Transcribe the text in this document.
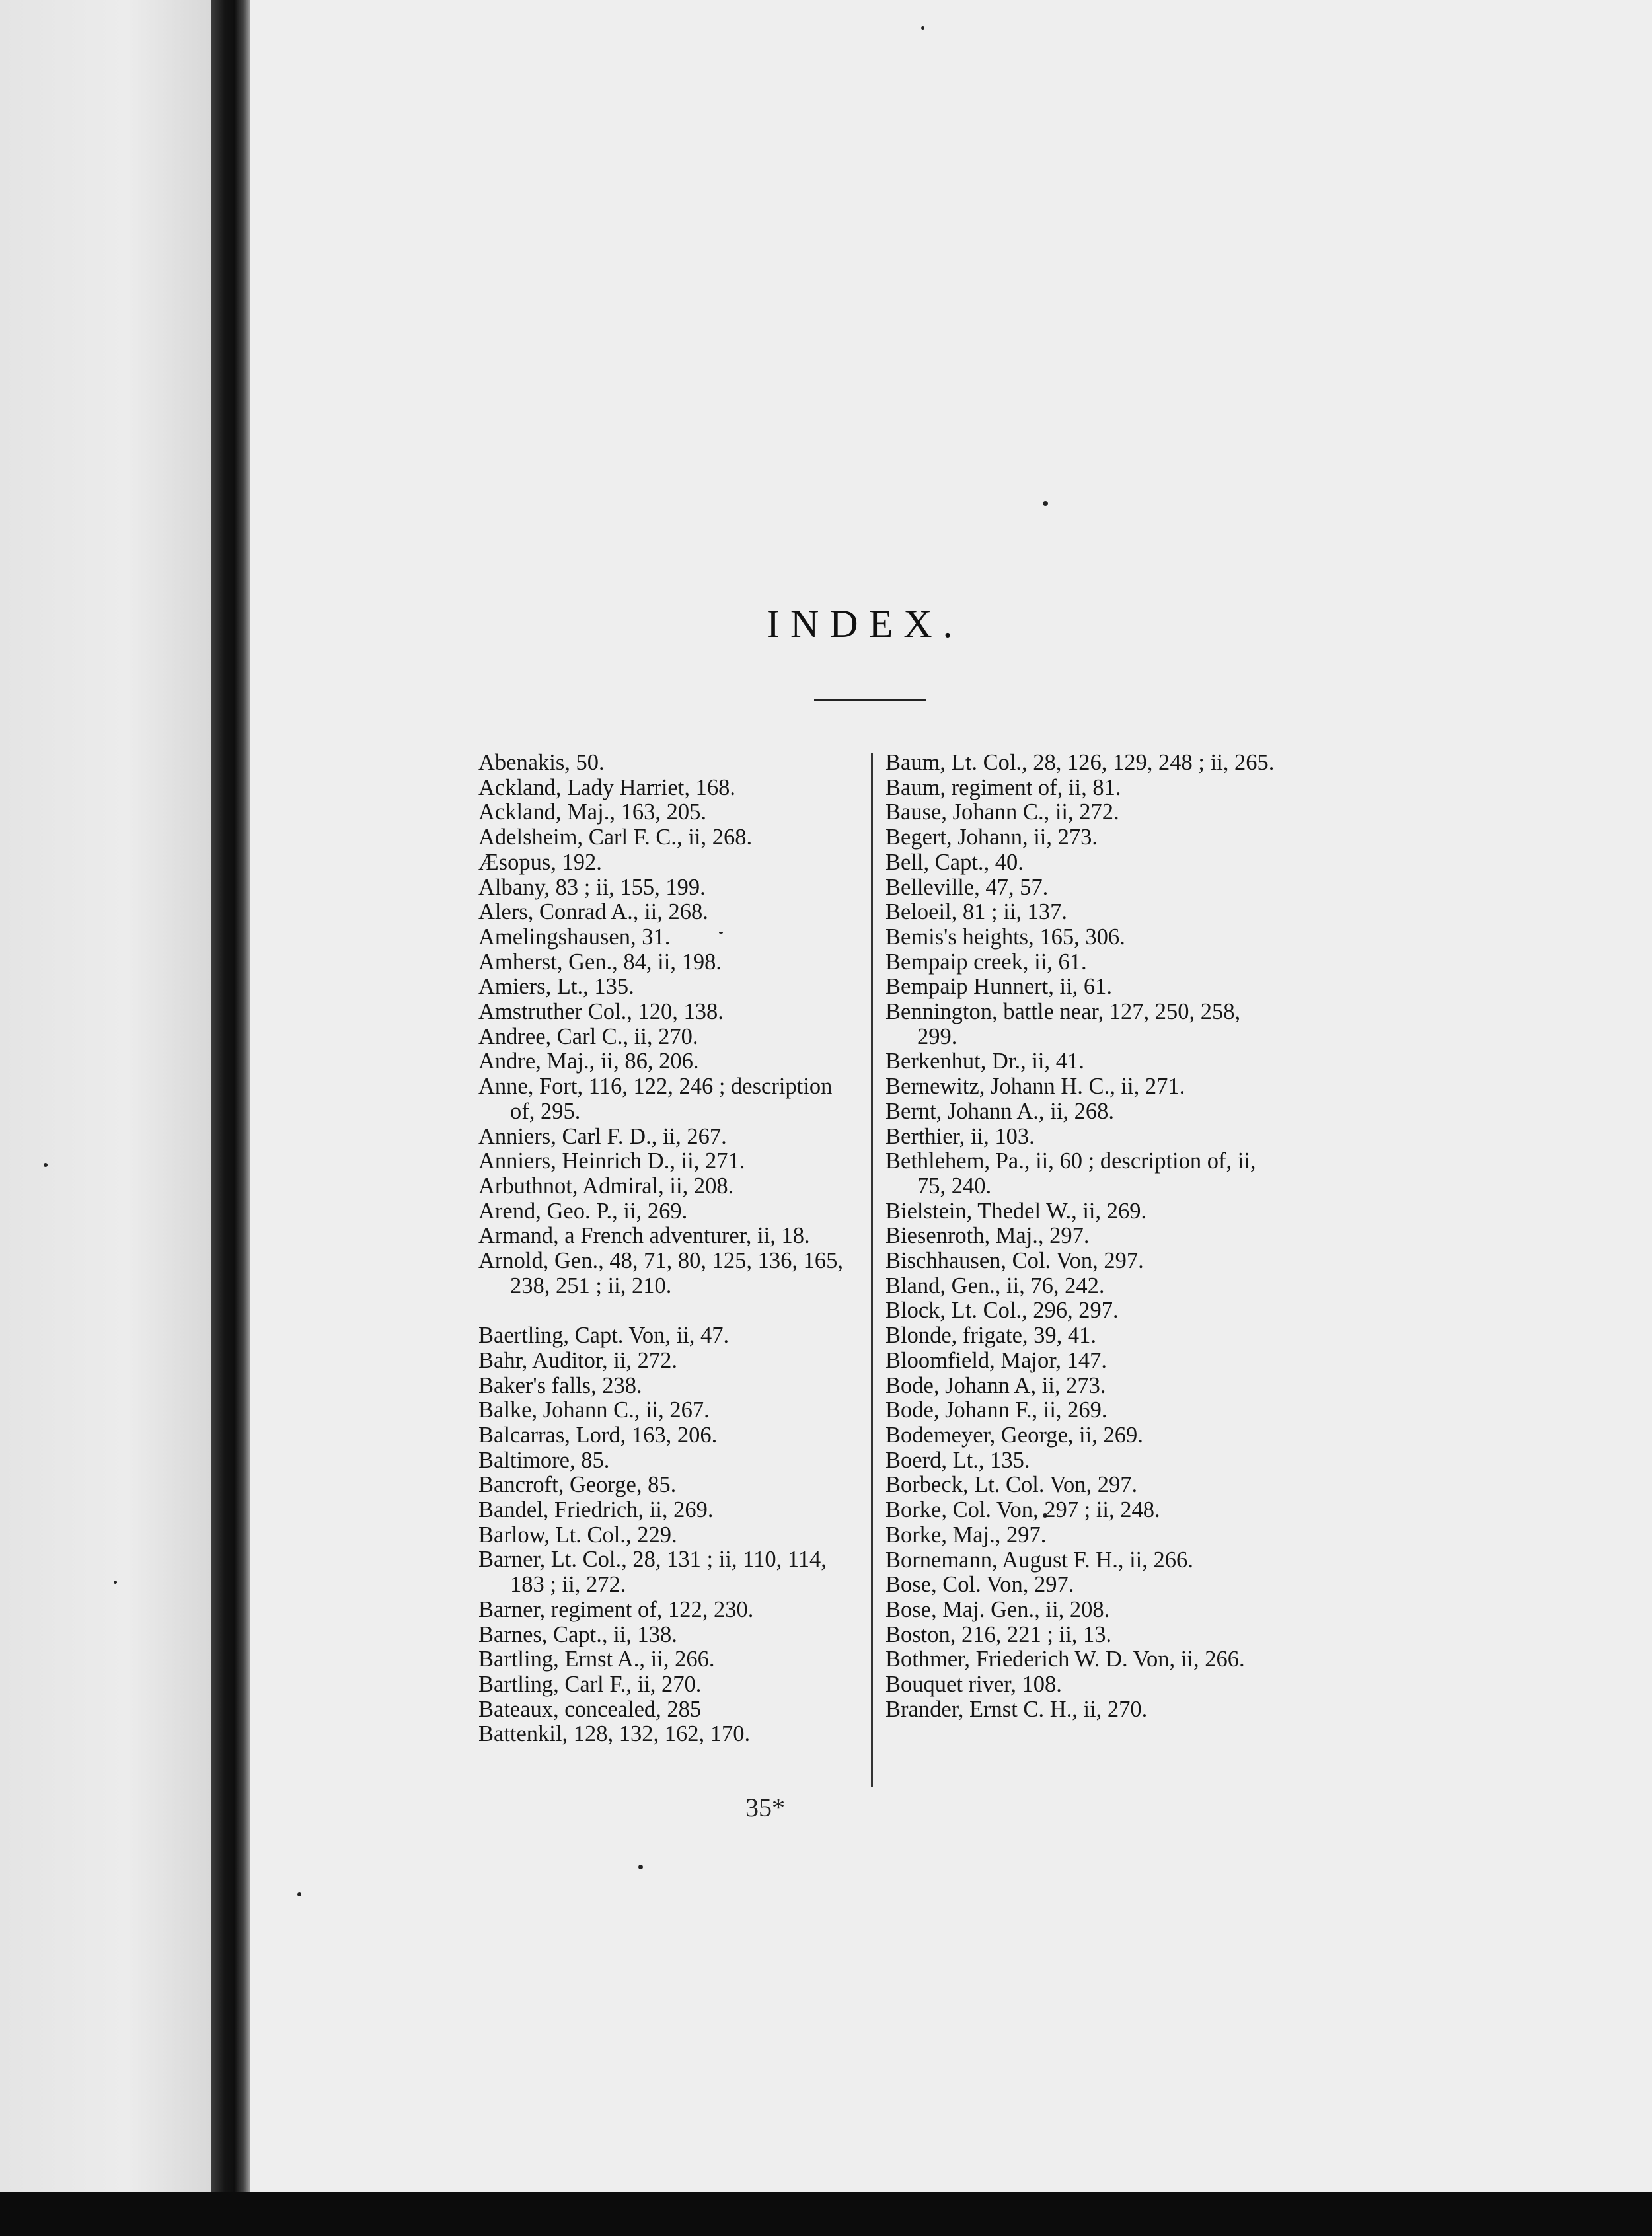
INDEX.
Abenakis, 50.
Ackland, Lady Harriet, 168.
Ackland, Maj., 163, 205.
Adelsheim, Carl F. C., ii, 268.
Æsopus, 192.
Albany, 83 ; ii, 155, 199.
Alers, Conrad A., ii, 268.
Amelingshausen, 31.
Amherst, Gen., 84, ii, 198.
Amiers, Lt., 135.
Amstruther Col., 120, 138.
Andree, Carl C., ii, 270.
Andre, Maj., ii, 86, 206.
Anne, Fort, 116, 122, 246 ; description of, 295.
Anniers, Carl F. D., ii, 267.
Anniers, Heinrich D., ii, 271.
Arbuthnot, Admiral, ii, 208.
Arend, Geo. P., ii, 269.
Armand, a French adventurer, ii, 18.
Arnold, Gen., 48, 71, 80, 125, 136, 165, 238, 251 ; ii, 210.
Baertling, Capt. Von, ii, 47.
Bahr, Auditor, ii, 272.
Baker's falls, 238.
Balke, Johann C., ii, 267.
Balcarras, Lord, 163, 206.
Baltimore, 85.
Bancroft, George, 85.
Bandel, Friedrich, ii, 269.
Barlow, Lt. Col., 229.
Barner, Lt. Col., 28, 131 ; ii, 110, 114, 183 ; ii, 272.
Barner, regiment of, 122, 230.
Barnes, Capt., ii, 138.
Bartling, Ernst A., ii, 266.
Bartling, Carl F., ii, 270.
Bateaux, concealed, 285
Battenkil, 128, 132, 162, 170.
Baum, Lt. Col., 28, 126, 129, 248 ; ii, 265.
Baum, regiment of, ii, 81.
Bause, Johann C., ii, 272.
Begert, Johann, ii, 273.
Bell, Capt., 40.
Belleville, 47, 57.
Beloeil, 81 ; ii, 137.
Bemis's heights, 165, 306.
Bempaip creek, ii, 61.
Bempaip Hunnert, ii, 61.
Bennington, battle near, 127, 250, 258, 299.
Berkenhut, Dr., ii, 41.
Bernewitz, Johann H. C., ii, 271.
Bernt, Johann A., ii, 268.
Berthier, ii, 103.
Bethlehem, Pa., ii, 60 ; description of, ii, 75, 240.
Bielstein, Thedel W., ii, 269.
Biesenroth, Maj., 297.
Bischhausen, Col. Von, 297.
Bland, Gen., ii, 76, 242.
Block, Lt. Col., 296, 297.
Blonde, frigate, 39, 41.
Bloomfield, Major, 147.
Bode, Johann A, ii, 273.
Bode, Johann F., ii, 269.
Bodemeyer, George, ii, 269.
Boerd, Lt., 135.
Borbeck, Lt. Col. Von, 297.
Borke, Col. Von, 297 ; ii, 248.
Borke, Maj., 297.
Bornemann, August F. H., ii, 266.
Bose, Col. Von, 297.
Bose, Maj. Gen., ii, 208.
Boston, 216, 221 ; ii, 13.
Bothmer, Friederich W. D. Von, ii, 266.
Bouquet river, 108.
Brander, Ernst C. H., ii, 270.
35*
